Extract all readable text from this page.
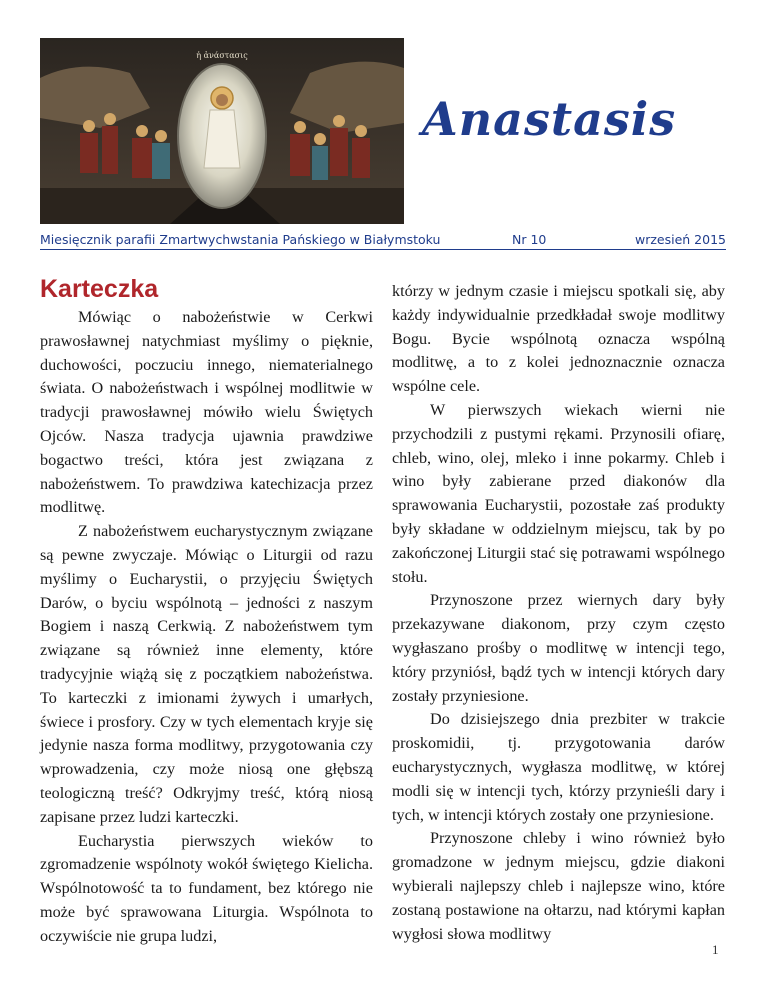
ἡ ἀνάστασις
Anastasis
Miesięcznik parafii Zmartwychwstania Pańskiego w Białymstoku	Nr 10	wrzesień 2015
Karteczka

Mówiąc o nabożeństwie w Cerkwi prawosławnej natychmiast myślimy o pięknie, duchowości, poczuciu innego, niematerialnego świata. O nabożeństwach i wspólnej modlitwie w tradycji prawosławnej mówiło wielu Świętych Ojców. Nasza tradycja ujawnia prawdziwe bogactwo treści, która jest związana z nabożeństwem. To prawdziwa katechizacja przez modlitwę.

Z nabożeństwem eucharystycznym związane są pewne zwyczaje. Mówiąc o Liturgii od razu myślimy o Eucharystii, o przyjęciu Świętych Darów, o byciu wspólnotą – jedności z naszym Bogiem i naszą Cerkwią. Z nabożeństwem tym związane są również inne elementy, które tradycyjnie wiążą się z początkiem nabożeństwa. To karteczki z imionami żywych i umarłych, świece i prosfory. Czy w tych elementach kryje się jedynie nasza forma modlitwy, przygotowania czy wprowadzenia, czy może niosą one głębszą teologiczną treść? Odkryjmy treść, którą niosą zapisane przez ludzi karteczki.

Eucharystia pierwszych wieków to zgromadzenie wspólnoty wokół świętego Kielicha. Wspólnotowość ta to fundament, bez którego nie może być sprawowana Liturgia. Wspólnota to oczywiście nie grupa ludzi,

którzy w jednym czasie i miejscu spotkali się, aby każdy indywidualnie przedkładał swoje modlitwy Bogu. Bycie wspólnotą oznacza wspólną modlitwę, a to z kolei jednoznacznie oznacza wspólne cele.

W pierwszych wiekach wierni nie przychodzili z pustymi rękami. Przynosili ofiarę, chleb, wino, olej, mleko i inne pokarmy. Chleb i wino były zabierane przed diakonów dla sprawowania Eucharystii, pozostałe zaś produkty były składane w oddzielnym miejscu, tak by po zakończonej Liturgii stać się potrawami wspólnego stołu.

Przynoszone przez wiernych dary były przekazywane diakonom, przy czym często wygłaszano prośby o modlitwę w intencji tego, który przyniósł, bądź tych w intencji których dary zostały przyniesione.

Do dzisiejszego dnia prezbiter w trakcie proskomidii, tj. przygotowania darów eucharystycznych, wygłasza modlitwę, w której modli się w intencji tych, którzy przynieśli dary i tych, w intencji których zostały one przyniesione.

Przynoszone chleby i wino również było gromadzone w jednym miejscu, gdzie diakoni wybierali najlepszy chleb i najlepsze wino, które zostaną postawione na ołtarzu, nad którymi kapłan wygłosi słowa modlitwy

1
